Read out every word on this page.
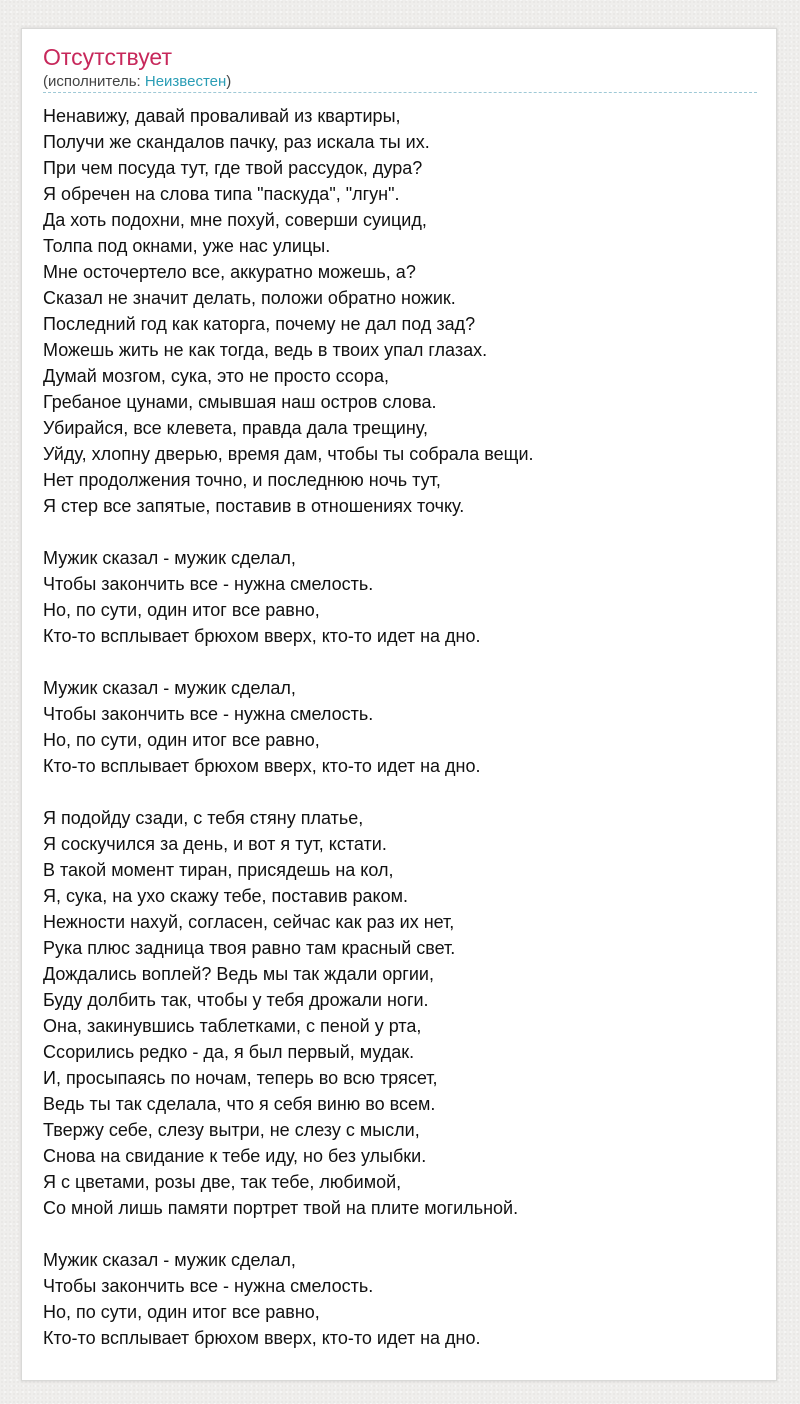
Отсутствует
(исполнитель: Неизвестен)
Ненавижу, давай проваливай из квартиры,
Получи же скандалов пачку, раз искала ты их.
При чем посуда тут, где твой рассудок, дура?
Я обречен на слова типа "паскуда", "лгун".
Да хоть подохни, мне похуй, соверши суицид,
Толпа под окнами, уже нас улицы.
Мне осточертело все, аккуратно можешь, а?
Сказал не значит делать, положи обратно ножик.
Последний год как каторга, почему не дал под зад?
Можешь жить не как тогда, ведь в твоих упал глазах.
Думай мозгом, сука, это не просто ссора,
Гребаное цунами, смывшая наш остров слова.
Убирайся, все клевета, правда дала трещину,
Уйду, хлопну дверью, время дам, чтобы ты собрала вещи.
Нет продолжения точно, и последнюю ночь тут,
Я стер все запятые, поставив в отношениях точку.
Мужик сказал - мужик сделал,
Чтобы закончить все - нужна смелость.
Но, по сути, один итог все равно,
Кто-то всплывает брюхом вверх, кто-то идет на дно.
Мужик сказал - мужик сделал,
Чтобы закончить все - нужна смелость.
Но, по сути, один итог все равно,
Кто-то всплывает брюхом вверх, кто-то идет на дно.
Я подойду сзади, с тебя стяну платье,
Я соскучился за день, и вот я тут, кстати.
В такой момент тиран, присядешь на кол,
Я, сука, на ухо скажу тебе, поставив раком.
Нежности нахуй, согласен, сейчас как раз их нет,
Рука плюс задница твоя равно там красный свет.
Дождались воплей? Ведь мы так ждали оргии,
Буду долбить так, чтобы у тебя дрожали ноги.
Она, закинувшись таблетками, с пеной у рта,
Ссорились редко - да, я был первый, мудак.
И, просыпаясь по ночам, теперь во всю трясет,
Ведь ты так сделала, что я себя виню во всем.
Твержу себе, слезу вытри, не слезу с мысли,
Снова на свидание к тебе иду, но без улыбки.
Я с цветами, розы две, так тебе, любимой,
Со мной лишь памяти портрет твой на плите могильной.
Мужик сказал - мужик сделал,
Чтобы закончить все - нужна смелость.
Но, по сути, один итог все равно,
Кто-то всплывает брюхом вверх, кто-то идет на дно.
